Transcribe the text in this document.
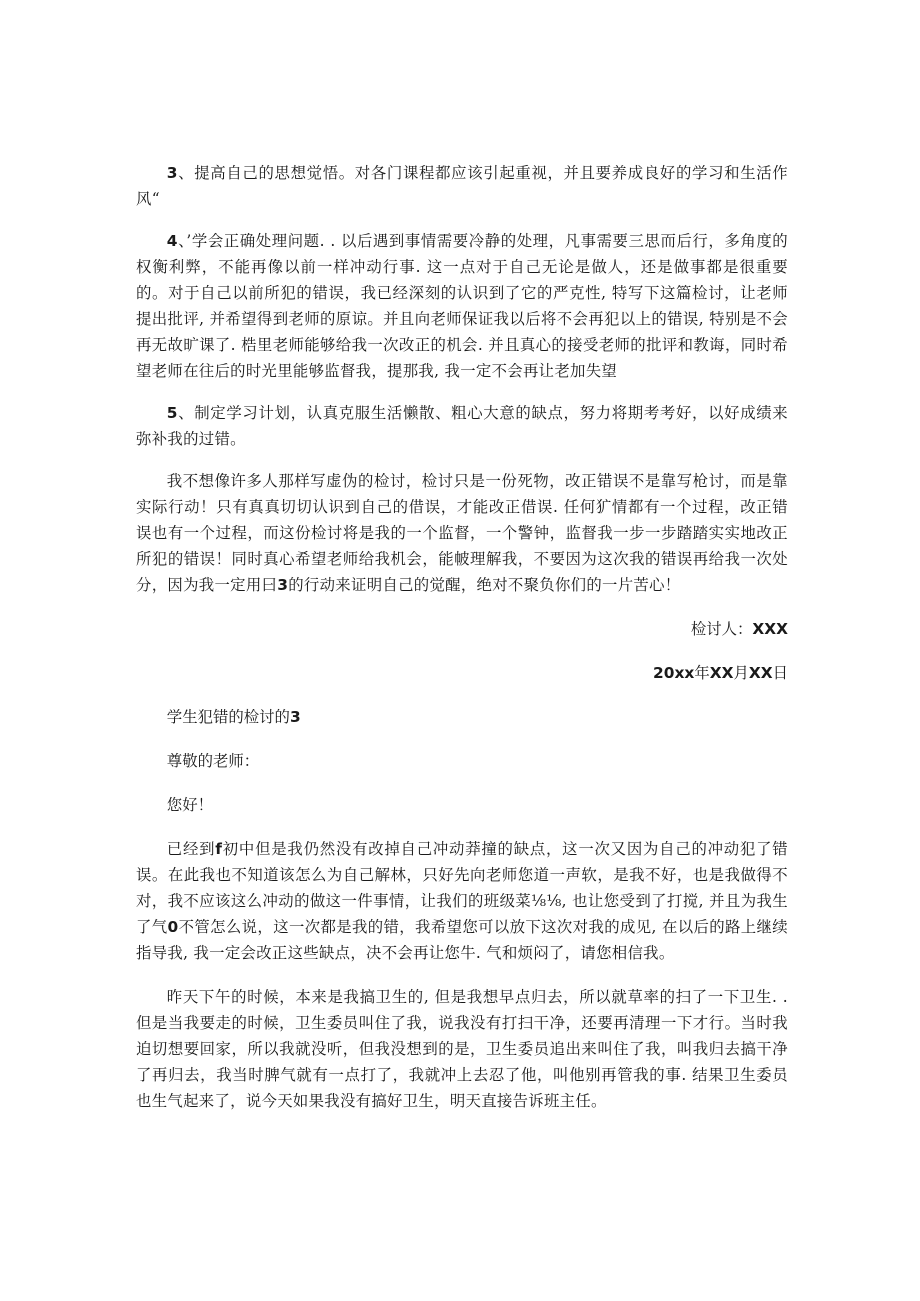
3、提高自己的思想觉悟。对各门课程都应该引起重视，并且要养成良好的学习和生活作风“

4、’学会正确处理问题. . 以后遇到事情需要冷静的处理，凡事需要三思而后行，多角度的权衡利弊，不能再像以前一样冲动行事. 这一点对于自己无论是做人，还是做事都是很重要的。对于自己以前所犯的错误，我已经深刻的认识到了它的严克性, 特写下这篇检讨，让老师提出批评, 并希望得到老师的原谅。并且向老师保证我以后将不会再犯以上的错误, 特别是不会再无故旷课了. 梏里老师能够给我一次改正的机会. 并且真心的接受老师的批评和教诲，同时希望老师在往后的时光里能够监督我，提那我, 我一定不会再让老加失望

5、制定学习计划，认真克服生活懒散、粗心大意的缺点，努力将期考考好，以好成绩来弥补我的过错。

我不想像许多人那样写虚伪的检讨，检讨只是一份死物，改正错误不是靠写枪讨，而是靠实际行动！只有真真切切认识到自己的借误，才能改正借误. 任何犷情都有一个过程，改正错误也有一个过程，而这份检讨将是我的一个监督，一个警钟，监督我一步一步踏踏实实地改正所犯的错误！同时真心希望老师给我机会，能帔理解我，不要因为这次我的错误再给我一次处分，因为我一定用曰3的行动来证明自己的觉醒，绝对不聚负你们的一片苦心！

检讨人：XXX

20xx年XX月XX日

学生犯错的检讨的3

尊敬的老师：

您好！

已经到f初中但是我仍然没有改掉自己冲动莽撞的缺点，这一次又因为自己的冲动犯了错误。在此我也不知道该怎么为自己解林，只好先向老师您道一声软，是我不好，也是我做得不对，我不应该这么冲动的做这一件事情，让我们的班级菜⅛⅛, 也让您受到了打搅, 并且为我生了气0不管怎么说，这一次都是我的错，我希望您可以放下这次对我的成见, 在以后的路上继续指导我, 我一定会改正这些缺点，决不会再让您牛. 气和烦闷了，请您相信我。

昨天下午的时候，本来是我搞卫生的, 但是我想早点归去，所以就草率的扫了一下卫生. . 但是当我要走的时候，卫生委员叫住了我，说我没有打扫干净，还要再清理一下才行。当时我迫切想要回家，所以我就没听，但我没想到的是，卫生委员追出来叫住了我，叫我归去搞干净了再归去，我当时脾气就有一点打了，我就冲上去忍了他，叫他别再管我的事. 结果卫生委员也生气起来了，说今天如果我没有搞好卫生，明天直接告诉班主任。
